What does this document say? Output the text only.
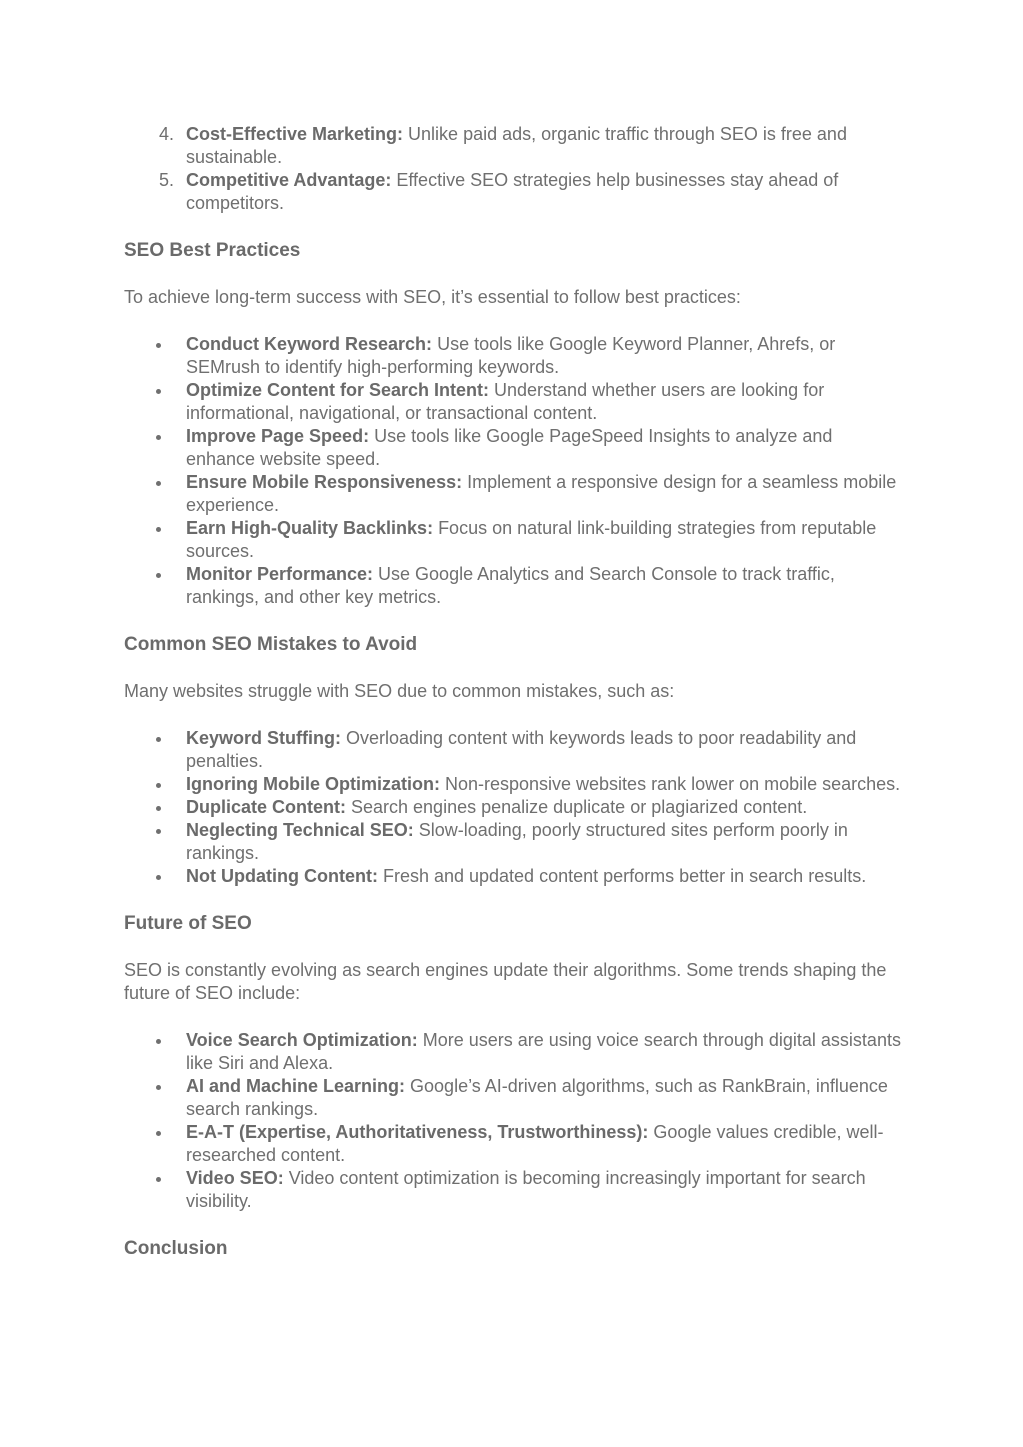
4. Cost-Effective Marketing: Unlike paid ads, organic traffic through SEO is free and sustainable.
5. Competitive Advantage: Effective SEO strategies help businesses stay ahead of competitors.
SEO Best Practices

To achieve long-term success with SEO, it’s essential to follow best practices:

Conduct Keyword Research: Use tools like Google Keyword Planner, Ahrefs, or SEMrush to identify high-performing keywords.
Optimize Content for Search Intent: Understand whether users are looking for informational, navigational, or transactional content.
Improve Page Speed: Use tools like Google PageSpeed Insights to analyze and enhance website speed.
Ensure Mobile Responsiveness: Implement a responsive design for a seamless mobile experience.
Earn High-Quality Backlinks: Focus on natural link-building strategies from reputable sources.
Monitor Performance: Use Google Analytics and Search Console to track traffic, rankings, and other key metrics.
Common SEO Mistakes to Avoid

Many websites struggle with SEO due to common mistakes, such as:

Keyword Stuffing: Overloading content with keywords leads to poor readability and penalties.
Ignoring Mobile Optimization: Non-responsive websites rank lower on mobile searches.
Duplicate Content: Search engines penalize duplicate or plagiarized content.
Neglecting Technical SEO: Slow-loading, poorly structured sites perform poorly in rankings.
Not Updating Content: Fresh and updated content performs better in search results.
Future of SEO

SEO is constantly evolving as search engines update their algorithms. Some trends shaping the future of SEO include:

Voice Search Optimization: More users are using voice search through digital assistants like Siri and Alexa.
AI and Machine Learning: Google’s AI-driven algorithms, such as RankBrain, influence search rankings.
E-A-T (Expertise, Authoritativeness, Trustworthiness): Google values credible, well-researched content.
Video SEO: Video content optimization is becoming increasingly important for search visibility.
Conclusion
